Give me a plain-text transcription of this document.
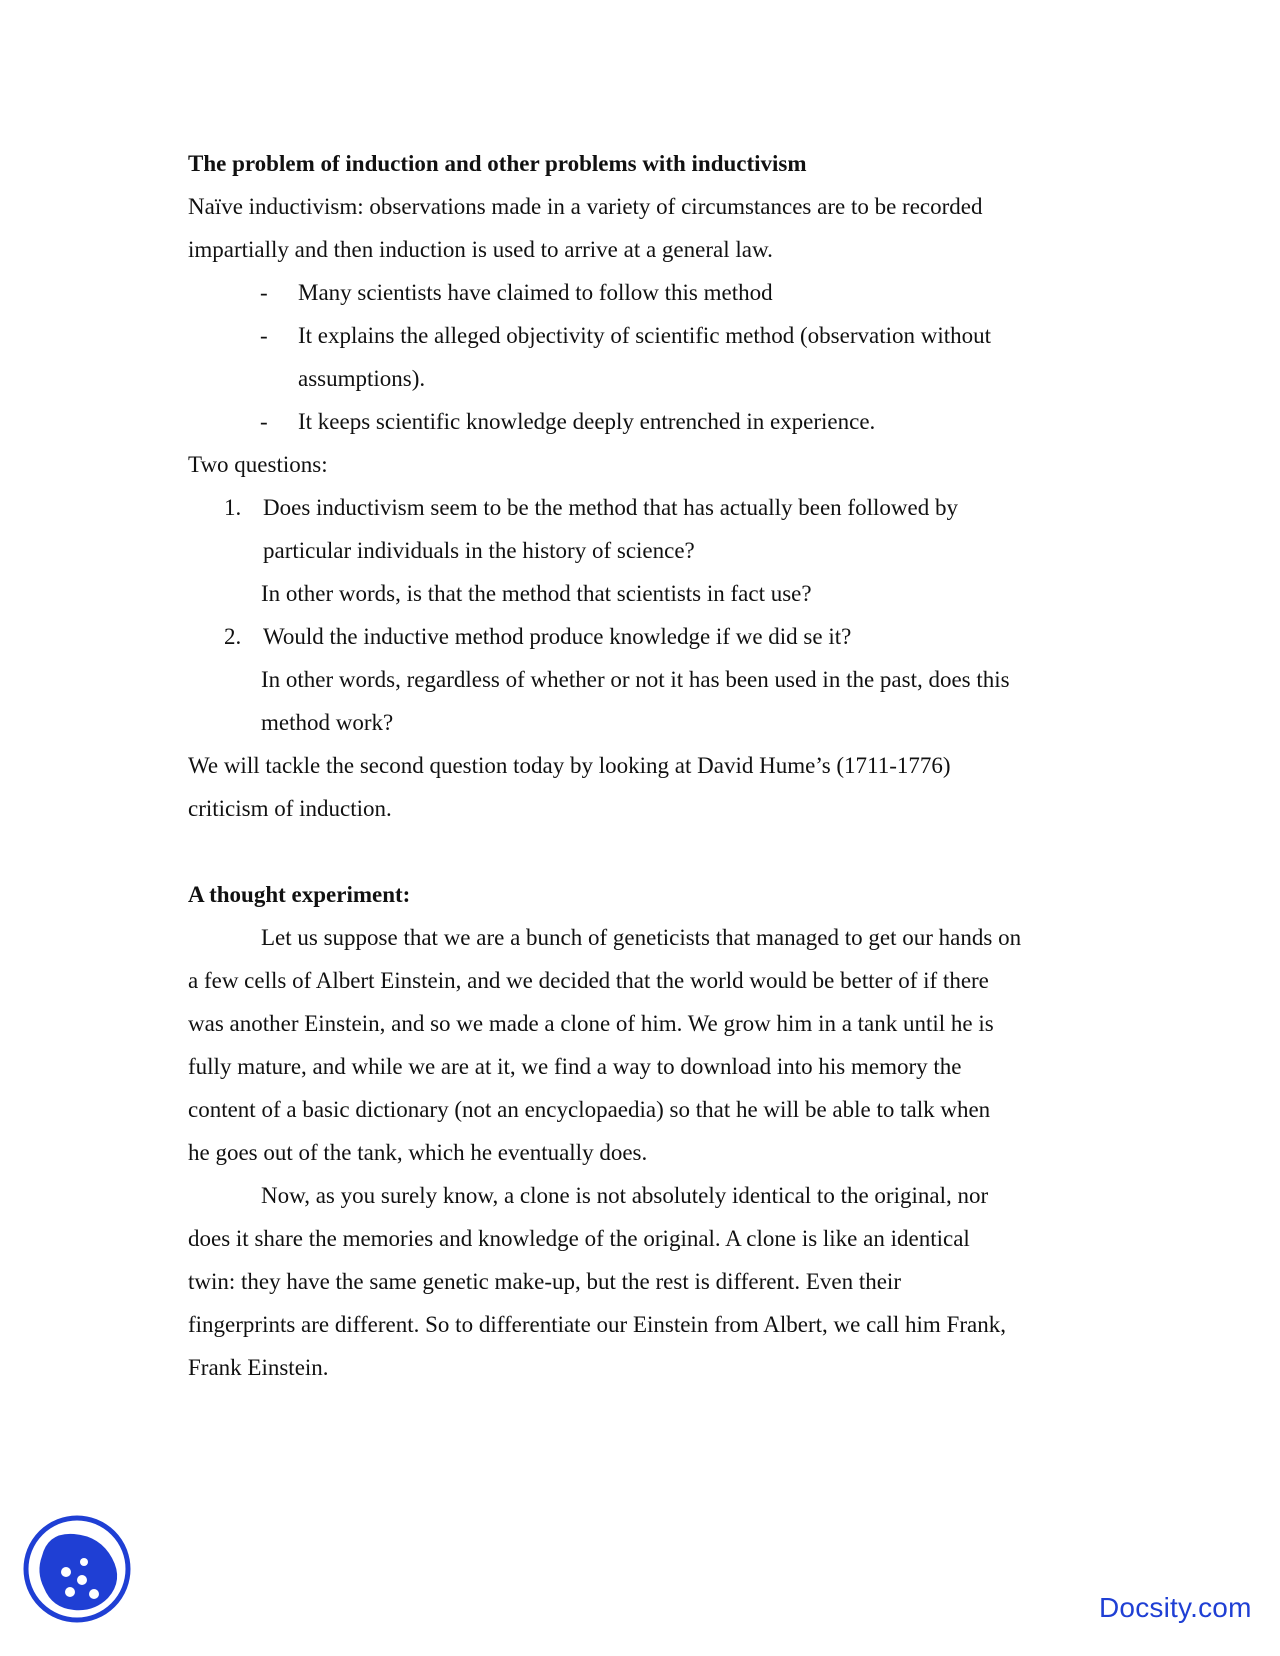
The problem of induction and other problems with inductivism

Naïve inductivism: observations made in a variety of circumstances are to be recorded

impartially and then induction is used to arrive at a general law.

- Many scientists have claimed to follow this method
- It explains the alleged objectivity of scientific method (observation without
assumptions).
- It keeps scientific knowledge deeply entrenched in experience.

Two questions:

1. Does inductivism seem to be the method that has actually been followed by
particular individuals in the history of science?
In other words, is that the method that scientists in fact use?
2. Would the inductive method produce knowledge if we did se it?
In other words, regardless of whether or not it has been used in the past, does this
method work?

We will tackle the second question today by looking at David Hume’s (1711-1776)

criticism of induction.

A thought experiment:

Let us suppose that we are a bunch of geneticists that managed to get our hands on
a few cells of Albert Einstein, and we decided that the world would be better of if there
was another Einstein, and so we made a clone of him. We grow him in a tank until he is
fully mature, and while we are at it, we find a way to download into his memory the
content of a basic dictionary (not an encyclopaedia) so that he will be able to talk when
he goes out of the tank, which he eventually does.
Now, as you surely know, a clone is not absolutely identical to the original, nor
does it share the memories and knowledge of the original. A clone is like an identical
twin: they have the same genetic make-up, but the rest is different. Even their
fingerprints are different. So to differentiate our Einstein from Albert, we call him Frank,
Frank Einstein.
Docsity.com
